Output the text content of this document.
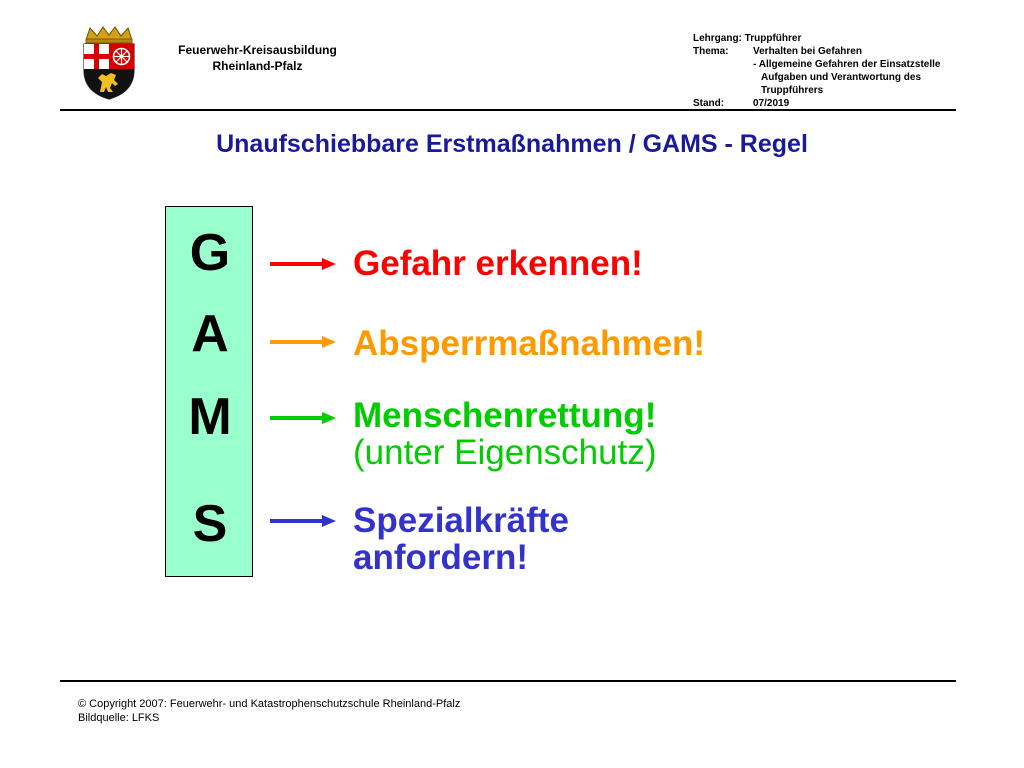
Feuerwehr-Kreisausbildung
Rheinland-Pfalz
Lehrgang:
Truppführer
Thema:	Verhalten bei Gefahren
- Allgemeine Gefahren der Einsatzstelle
Aufgaben und Verantwortung des
Truppführers
Stand:	07/2019
Unaufschiebbare Erstmaßnahmen / GAMS - Regel
G
A
M
S
Gefahr erkennen!
Absperrmaßnahmen!
Menschenrettung!
(unter Eigenschutz)
Spezialkräfte
anfordern!
© Copyright 2007: Feuerwehr- und Katastrophenschutzschule Rheinland-Pfalz
Bildquelle: LFKS
